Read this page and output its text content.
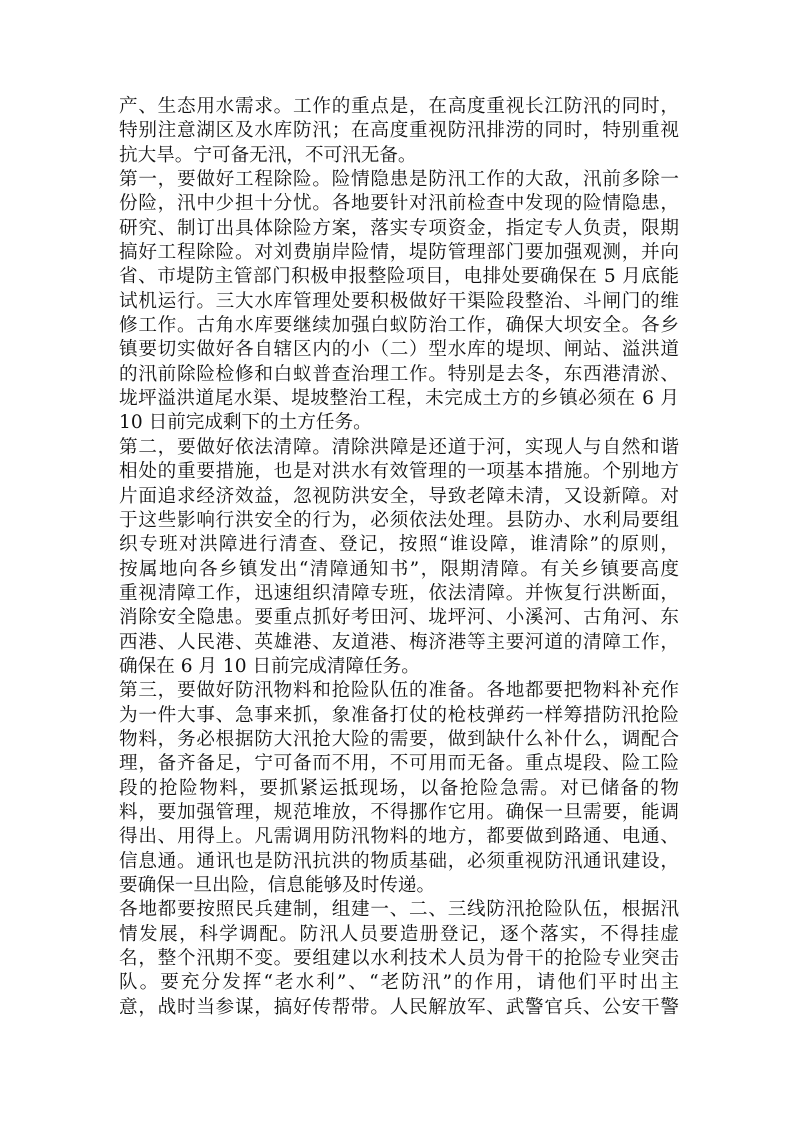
产、生态用水需求。工作的重点是，在高度重视长江防汛的同时，
特别注意湖区及水库防汛；在高度重视防汛排涝的同时，特别重视
抗大旱。宁可备无汛，不可汛无备。
第一，要做好工程除险。险情隐患是防汛工作的大敌，汛前多除一
份险，汛中少担十分忧。各地要针对汛前检查中发现的险情隐患，
研究、制订出具体除险方案，落实专项资金，指定专人负责，限期
搞好工程除险。对刘费崩岸险情，堤防管理部门要加强观测，并向
省、市堤防主管部门积极申报整险项目，电排处要确保在 5 月底能
试机运行。三大水库管理处要积极做好干渠险段整治、斗闸门的维
修工作。古角水库要继续加强白蚁防治工作，确保大坝安全。各乡
镇要切实做好各自辖区内的小（二）型水库的堤坝、闸站、溢洪道
的汛前除险检修和白蚁普查治理工作。特别是去冬，东西港清淤、
垅坪溢洪道尾水渠、堤坡整治工程，未完成土方的乡镇必须在 6 月
10 日前完成剩下的土方任务。
第二，要做好依法清障。清除洪障是还道于河，实现人与自然和谐
相处的重要措施，也是对洪水有效管理的一项基本措施。个别地方
片面追求经济效益，忽视防洪安全，导致老障未清，又设新障。对
于这些影响行洪安全的行为，必须依法处理。县防办、水利局要组
织专班对洪障进行清查、登记，按照“谁设障，谁清除”的原则，
按属地向各乡镇发出“清障通知书”，限期清障。有关乡镇要高度
重视清障工作，迅速组织清障专班，依法清障。并恢复行洪断面，
消除安全隐患。要重点抓好考田河、垅坪河、小溪河、古角河、东
西港、人民港、英雄港、友道港、梅济港等主要河道的清障工作，
确保在 6 月 10 日前完成清障任务。
第三，要做好防汛物料和抢险队伍的准备。各地都要把物料补充作
为一件大事、急事来抓，象准备打仗的枪枝弹药一样筹措防汛抢险
物料，务必根据防大汛抢大险的需要，做到缺什么补什么，调配合
理，备齐备足，宁可备而不用，不可用而无备。重点堤段、险工险
段的抢险物料，要抓紧运抵现场，以备抢险急需。对已储备的物
料，要加强管理，规范堆放，不得挪作它用。确保一旦需要，能调
得出、用得上。凡需调用防汛物料的地方，都要做到路通、电通、
信息通。通讯也是防汛抗洪的物质基础，必须重视防汛通讯建设，
要确保一旦出险，信息能够及时传递。
各地都要按照民兵建制，组建一、二、三线防汛抢险队伍，根据汛
情发展，科学调配。防汛人员要造册登记，逐个落实，不得挂虚
名，整个汛期不变。要组建以水利技术人员为骨干的抢险专业突击
队。要充分发挥“老水利”、“老防汛”的作用，请他们平时出主
意，战时当参谋，搞好传帮带。人民解放军、武警官兵、公安干警
